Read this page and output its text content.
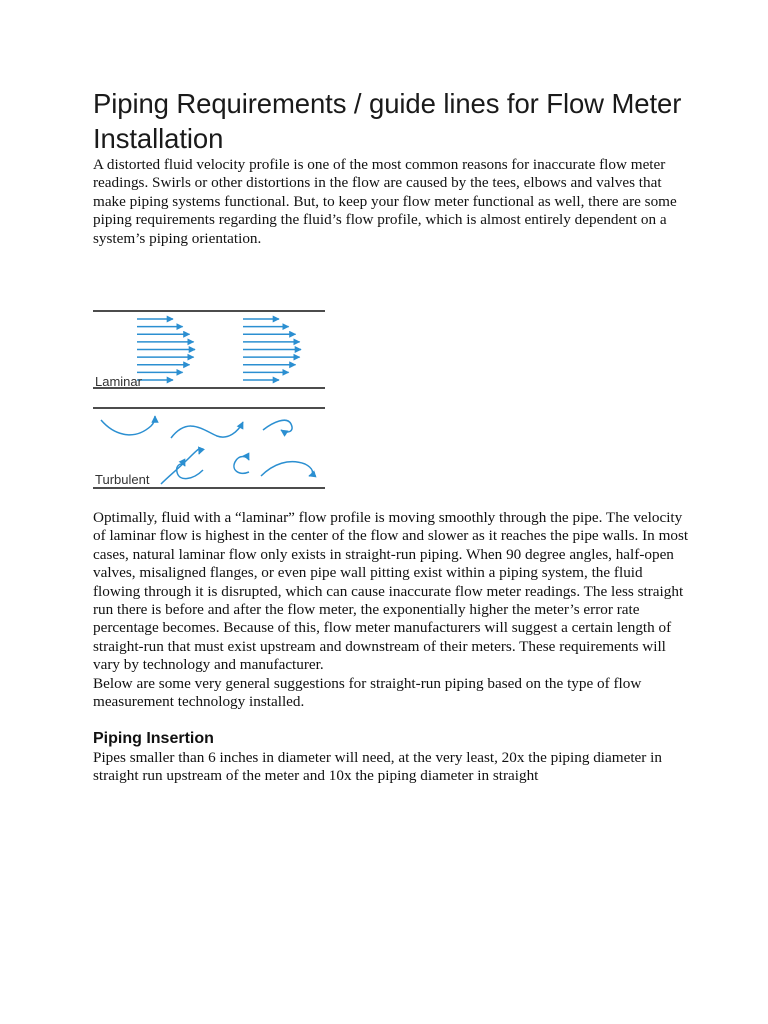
Piping Requirements / guide lines for Flow Meter Installation

A distorted fluid velocity profile is one of the most common reasons for inaccurate flow meter readings. Swirls or other distortions in the flow are caused by the tees, elbows and valves that make piping systems functional. But, to keep your flow meter functional as well, there are some piping requirements regarding the fluid’s flow profile, which is almost entirely dependent on a system’s piping orientation.

Laminar
Turbulent

Optimally, fluid with a “laminar” flow profile is moving smoothly through the pipe. The velocity of laminar flow is highest in the center of the flow and slower as it reaches the pipe walls. In most cases, natural laminar flow only exists in straight-run piping. When 90 degree angles, half-open valves, misaligned flanges, or even pipe wall pitting exist within a piping system, the fluid flowing through it is disrupted, which can cause inaccurate flow meter readings. The less straight run there is before and after the flow meter, the exponentially higher the meter’s error rate percentage becomes. Because of this, flow meter manufacturers will suggest a certain length of straight-run that must exist upstream and downstream of their meters. These requirements will vary by technology and manufacturer.

Below are some very general suggestions for straight-run piping based on the type of flow measurement technology installed.

Piping Insertion

Pipes smaller than 6 inches in diameter will need, at the very least, 20x the piping diameter in straight run upstream of the meter and 10x the piping diameter in straight
